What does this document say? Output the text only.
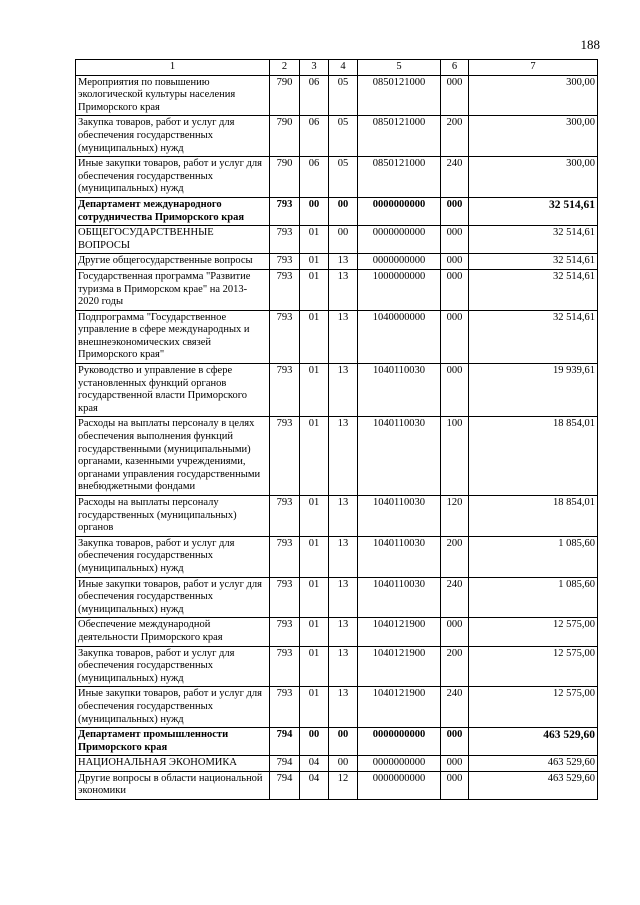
188
1	2	3	4	5	6	7
Мероприятия по повышению экологической культуры населения Приморского края	790	06	05	0850121000	000	300,00
Закупка товаров, работ и услуг для обеспечения государственных (муниципальных) нужд	790	06	05	0850121000	200	300,00
Иные закупки товаров, работ и услуг для обеспечения государственных (муниципальных) нужд	790	06	05	0850121000	240	300,00
Департамент международного сотрудничества Приморского края	793	00	00	0000000000	000	32 514,61
ОБЩЕГОСУДАРСТВЕННЫЕ ВОПРОСЫ	793	01	00	0000000000	000	32 514,61
Другие общегосударственные вопросы	793	01	13	0000000000	000	32 514,61
Государственная программа "Развитие туризма в Приморском крае" на 2013-2020 годы	793	01	13	1000000000	000	32 514,61
Подпрограмма "Государственное управление в сфере международных и внешнеэкономических связей Приморского края"	793	01	13	1040000000	000	32 514,61
Руководство и управление в сфере установленных функций органов государственной власти Приморского края	793	01	13	1040110030	000	19 939,61
Расходы на выплаты персоналу в целях обеспечения выполнения функций государственными (муниципальными) органами, казенными учреждениями, органами управления государственными внебюджетными фондами	793	01	13	1040110030	100	18 854,01
Расходы на выплаты персоналу государственных (муниципальных) органов	793	01	13	1040110030	120	18 854,01
Закупка товаров, работ и услуг для обеспечения государственных (муниципальных) нужд	793	01	13	1040110030	200	1 085,60
Иные закупки товаров, работ и услуг для обеспечения государственных (муниципальных) нужд	793	01	13	1040110030	240	1 085,60
Обеспечение международной деятельности Приморского края	793	01	13	1040121900	000	12 575,00
Закупка товаров, работ и услуг для обеспечения государственных (муниципальных) нужд	793	01	13	1040121900	200	12 575,00
Иные закупки товаров, работ и услуг для обеспечения государственных (муниципальных) нужд	793	01	13	1040121900	240	12 575,00
Департамент промышленности Приморского края	794	00	00	0000000000	000	463 529,60
НАЦИОНАЛЬНАЯ ЭКОНОМИКА	794	04	00	0000000000	000	463 529,60
Другие вопросы в области национальной экономики	794	04	12	0000000000	000	463 529,60
